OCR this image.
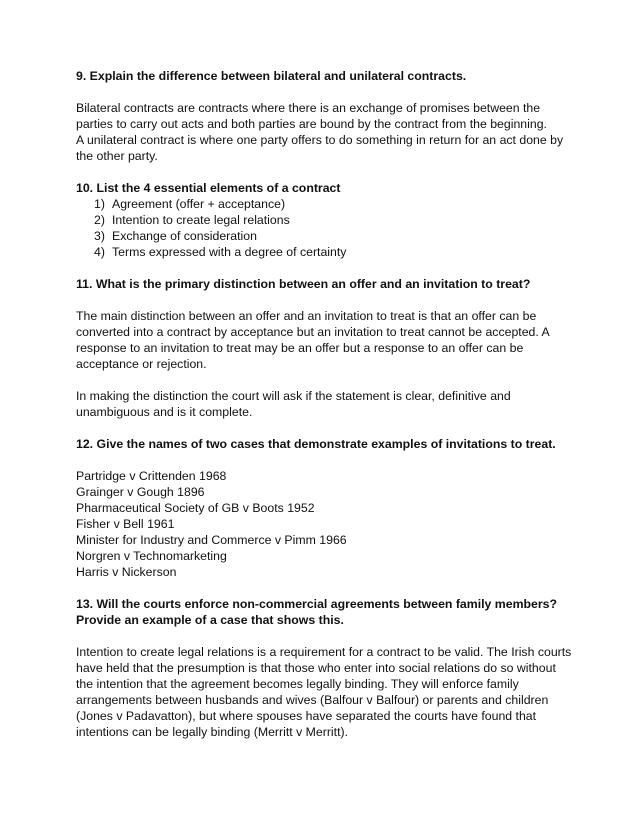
9. Explain the difference between bilateral and unilateral contracts.

Bilateral contracts are contracts where there is an exchange of promises between the parties to carry out acts and both parties are bound by the contract from the beginning.

A unilateral contract is where one party offers to do something in return for an act done by the other party.

10. List the 4 essential elements of a contract
1) Agreement (offer + acceptance)
2) Intention to create legal relations
3) Exchange of consideration
4) Terms expressed with a degree of certainty
11. What is the primary distinction between an offer and an invitation to treat?

The main distinction between an offer and an invitation to treat is that an offer can be converted into a contract by acceptance but an invitation to treat cannot be accepted. A response to an invitation to treat may be an offer but a response to an offer can be acceptance or rejection.

In making the distinction the court will ask if the statement is clear, definitive and unambiguous and is it complete.

12. Give the names of two cases that demonstrate examples of invitations to treat.
Partridge v Crittenden 1968
Grainger v Gough 1896
Pharmaceutical Society of GB v Boots 1952
Fisher v Bell 1961
Minister for Industry and Commerce v Pimm 1966
Norgren v Technomarketing
Harris v Nickerson
13. Will the courts enforce non-commercial agreements between family members? Provide an example of a case that shows this.

Intention to create legal relations is a requirement for a contract to be valid. The Irish courts have held that the presumption is that those who enter into social relations do so without the intention that the agreement becomes legally binding. They will enforce family arrangements between husbands and wives (Balfour v Balfour) or parents and children (Jones v Padavatton), but where spouses have separated the courts have found that intentions can be legally binding (Merritt v Merritt).
